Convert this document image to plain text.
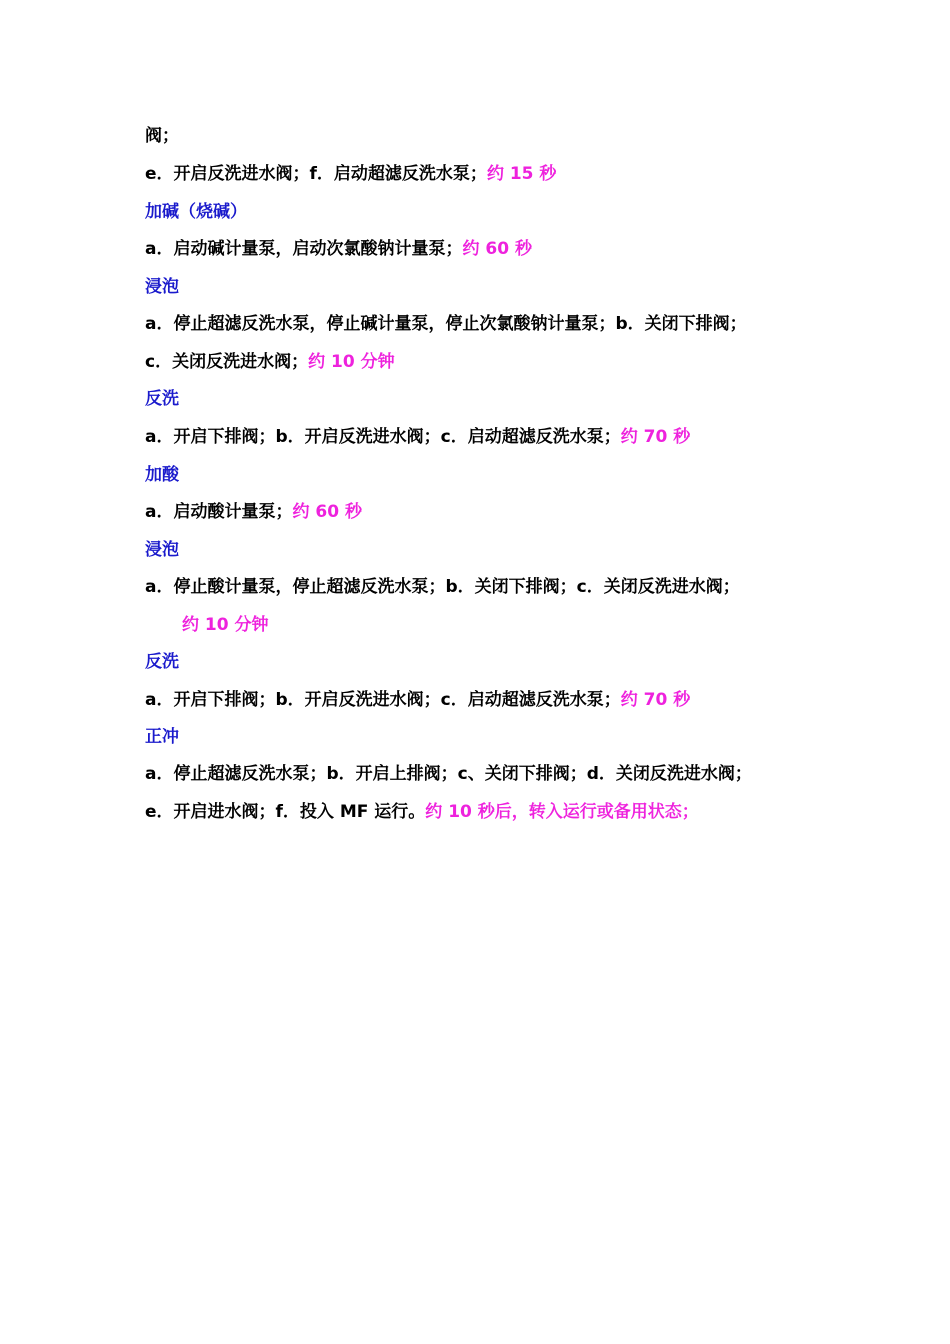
阀；
e．开启反洗进水阀；f．启动超滤反洗水泵；约 15 秒
加碱（烧碱）
a．启动碱计量泵，启动次氯酸钠计量泵；约 60 秒
浸泡
a．停止超滤反洗水泵，停止碱计量泵，停止次氯酸钠计量泵；b．关闭下排阀；
c．关闭反洗进水阀；约 10 分钟
反洗
a．开启下排阀；b．开启反洗进水阀；c．启动超滤反洗水泵；约 70 秒
加酸
a．启动酸计量泵；约 60 秒
浸泡
a．停止酸计量泵，停止超滤反洗水泵；b．关闭下排阀；c．关闭反洗进水阀；
约 10 分钟
反洗
a．开启下排阀；b．开启反洗进水阀；c．启动超滤反洗水泵；约 70 秒
正冲
a．停止超滤反洗水泵；b．开启上排阀；c、关闭下排阀；d．关闭反洗进水阀；
e．开启进水阀；f．投入 MF 运行。约 10 秒后，转入运行或备用状态；
